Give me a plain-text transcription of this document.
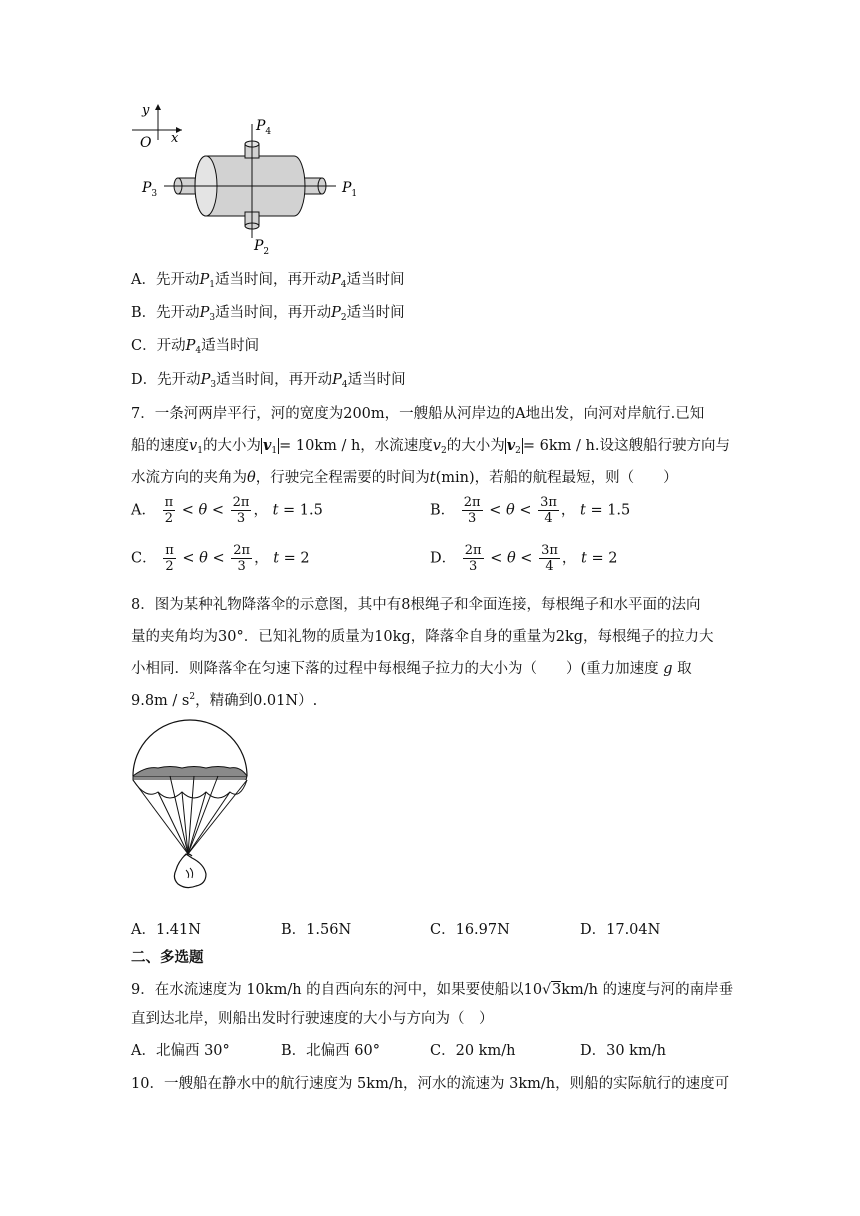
y
x
O
$P_4$
$P_2$
$P_3$	$P_1$
A．先开动$P_1$适当时间，再开动$P_4$适当时间
B．先开动$P_3$适当时间，再开动$P_2$适当时间
C．开动$P_4$适当时间
D．先开动$P_3$适当时间，再开动$P_4$适当时间
7．一条河两岸平行，河的宽度为200m，一艘船从河岸边的A地出发，向河对岸航行.已知
船的速度$v_1$的大小为 $v_1 = 10km / h$，水流速度$v_2$的大小为 $v_2 = 6km / h$.设这艘船行驶方向与
水流方向的夹角为θ，行驶完全程需要的时间为t(min)，若船的航程最短，则（　　）
A． $\frac{\pi}{2} < \theta < \frac{2\pi}{3}$ ， t = 1.5	B． $\frac{2\pi}{3} < \theta < \frac{3\pi}{4}$ ， t = 1.5
C． $\frac{\pi}{2} < \theta < \frac{2\pi}{3}$ ， t = 2	D． $\frac{2\pi}{3} < \theta < \frac{3\pi}{4}$ ， t = 2
8．图为某种礼物降落伞的示意图，其中有8根绳子和伞面连接，每根绳子和水平面的法向
量的夹角均为30°．已知礼物的质量为10kg，降落伞自身的重量为2kg，每根绳子的拉力大
小相同．则降落伞在匀速下落的过程中每根绳子拉力的大小为（　　）(重力加速度 g 取
$9.8m / s^2$，精确到0.01N）.
A．1.41N	B．1.56N	C．16.97N	D．17.04N
二、多选题
9．在水流速度为 10km/h 的自西向东的河中，如果要使船以10√3km/h 的速度与河的南岸垂
直到达北岸，则船出发时行驶速度的大小与方向为（　）
A．北偏西 30°	B．北偏西 60°	C．20 km/h	D．30 km/h
10．一艘船在静水中的航行速度为 5km/h，河水的流速为 3km/h，则船的实际航行的速度可
